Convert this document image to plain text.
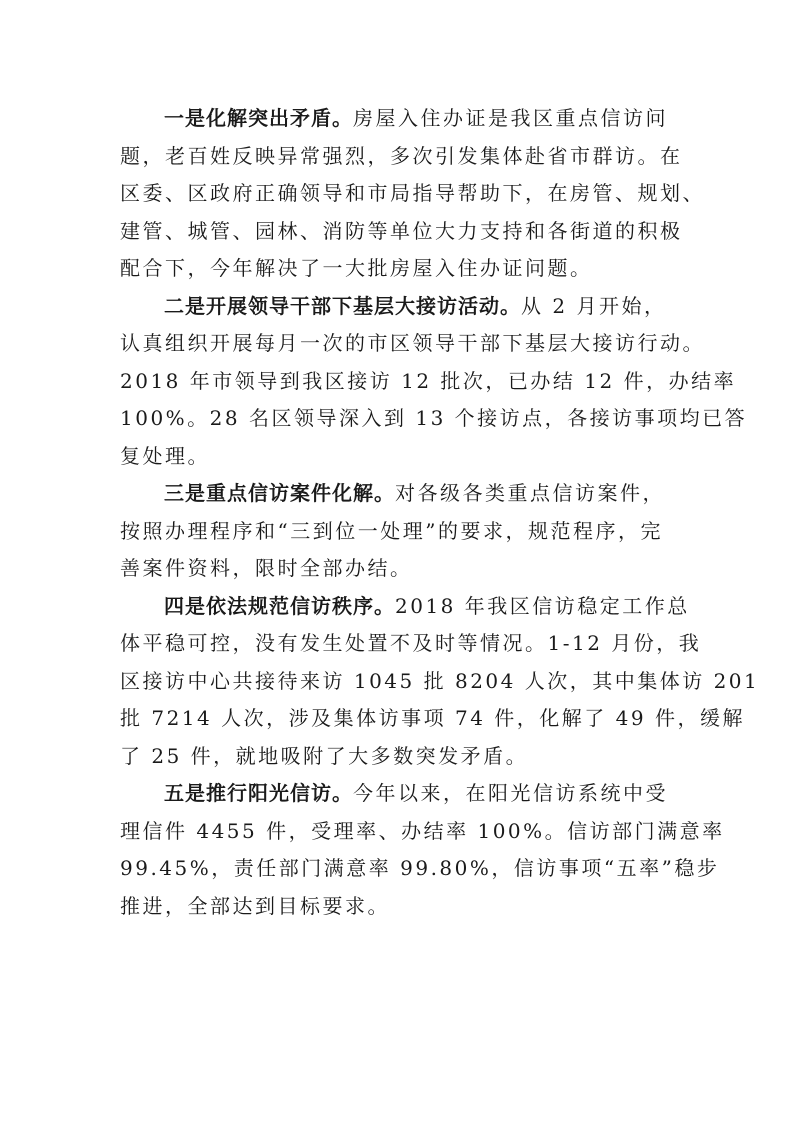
一是化解突出矛盾。房屋入住办证是我区重点信访问
题，老百姓反映异常强烈，多次引发集体赴省市群访。在
区委、区政府正确领导和市局指导帮助下，在房管、规划、
建管、城管、园林、消防等单位大力支持和各街道的积极
配合下，今年解决了一大批房屋入住办证问题。
二是开展领导干部下基层大接访活动。从 2 月开始，
认真组织开展每月一次的市区领导干部下基层大接访行动。
2018 年市领导到我区接访 12 批次，已办结 12 件，办结率
100%。28 名区领导深入到 13 个接访点，各接访事项均已答
复处理。
三是重点信访案件化解。对各级各类重点信访案件，
按照办理程序和“三到位一处理”的要求，规范程序，完
善案件资料，限时全部办结。
四是依法规范信访秩序。2018 年我区信访稳定工作总
体平稳可控，没有发生处置不及时等情况。1-12 月份，我
区接访中心共接待来访 1045 批 8204 人次，其中集体访 201
批 7214 人次，涉及集体访事项 74 件，化解了 49 件，缓解
了 25 件，就地吸附了大多数突发矛盾。
五是推行阳光信访。今年以来，在阳光信访系统中受
理信件 4455 件，受理率、办结率 100%。信访部门满意率
99.45%，责任部门满意率 99.80%，信访事项“五率”稳步
推进，全部达到目标要求。
